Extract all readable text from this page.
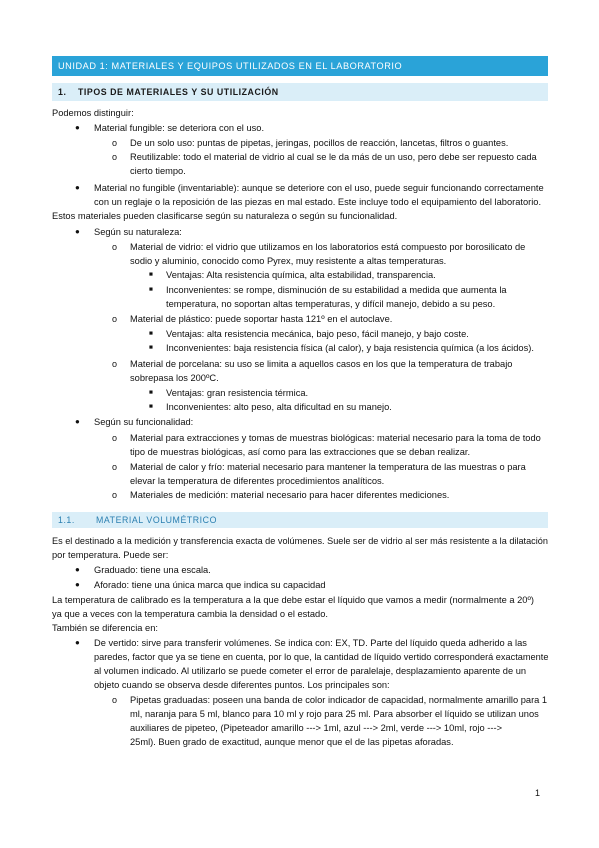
UNIDAD 1: MATERIALES Y EQUIPOS UTILIZADOS EN EL LABORATORIO
1. TIPOS DE MATERIALES Y SU UTILIZACIÓN
Podemos distinguir:
● Material fungible: se deteriora con el uso.
o De un solo uso: puntas de pipetas, jeringas, pocillos de reacción, lancetas, filtros o guantes.
o Reutilizable: todo el material de vidrio al cual se le da más de un uso, pero debe ser repuesto cada
cierto tiempo.
● Material no fungible (inventariable): aunque se deteriore con el uso, puede seguir funcionando correctamente
con un reglaje o la reposición de las piezas en mal estado. Este incluye todo el equipamiento del laboratorio.
Estos materiales pueden clasificarse según su naturaleza o según su funcionalidad.
● Según su naturaleza:
o Material de vidrio: el vidrio que utilizamos en los laboratorios está compuesto por borosilicato de
sodio y aluminio, conocido como Pyrex, muy resistente a altas temperaturas.
■ Ventajas: Alta resistencia química, alta estabilidad, transparencia.
■ Inconvenientes: se rompe, disminución de su estabilidad a medida que aumenta la
temperatura, no soportan altas temperaturas, y difícil manejo, debido a su peso.
o Material de plástico: puede soportar hasta 121º en el autoclave.
■ Ventajas: alta resistencia mecánica, bajo peso, fácil manejo, y bajo coste.
■ Inconvenientes: baja resistencia física (al calor), y baja resistencia química (a los ácidos).
o Material de porcelana: su uso se limita a aquellos casos en los que la temperatura de trabajo
sobrepasa los 200ºC.
■ Ventajas: gran resistencia térmica.
■ Inconvenientes: alto peso, alta dificultad en su manejo.
● Según su funcionalidad:
o Material para extracciones y tomas de muestras biológicas: material necesario para la toma de todo
tipo de muestras biológicas, así como para las extracciones que se deban realizar.
o Material de calor y frío: material necesario para mantener la temperatura de las muestras o para
elevar la temperatura de diferentes procedimientos analíticos.
o Materiales de medición: material necesario para hacer diferentes mediciones.
1.1. MATERIAL VOLUMÉTRICO
Es el destinado a la medición y transferencia exacta de volúmenes. Suele ser de vidrio al ser más resistente a la dilatación
por temperatura. Puede ser:
● Graduado: tiene una escala.
● Aforado: tiene una única marca que indica su capacidad
La temperatura de calibrado es la temperatura a la que debe estar el líquido que vamos a medir (normalmente a 20º)
ya que a veces con la temperatura cambia la densidad o el estado.
También se diferencia en:
● De vertido: sirve para transferir volúmenes. Se indica con: EX, TD. Parte del líquido queda adherido a las
paredes, factor que ya se tiene en cuenta, por lo que, la cantidad de líquido vertido corresponderá exactamente
al volumen indicado. Al utilizarlo se puede cometer el error de paralelaje, desplazamiento aparente de un
objeto cuando se observa desde diferentes puntos. Los principales son:
o Pipetas graduadas: poseen una banda de color indicador de capacidad, normalmente amarillo para 1
ml, naranja para 5 ml, blanco para 10 ml y rojo para 25 ml. Para absorber el líquido se utilizan unos
auxiliares de pipeteo, (Pipeteador amarillo ---> 1ml, azul ---> 2ml, verde ---> 10ml, rojo --->
25ml). Buen grado de exactitud, aunque menor que el de las pipetas aforadas.
1
